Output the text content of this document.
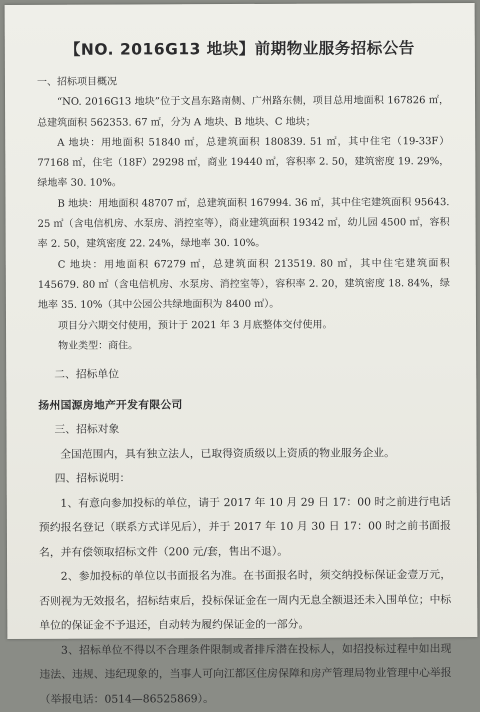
【NO. 2016G13 地块】前期物业服务招标公告

一、招标项目概况

“NO. 2016G13 地块”位于文昌东路南侧、广州路东侧，项目总用地面积 167826 ㎡，总建筑面积 562353. 67 ㎡，分为 A 地块、B 地块、C 地块；

A 地块：用地面积 51840 ㎡，总建筑面积 180839. 51 ㎡，其中住宅（19-33F）77168 ㎡，住宅（18F）29298 ㎡，商业 19440 ㎡，容积率 2. 50，建筑密度 19. 29%，绿地率 30. 10%。

B 地块：用地面积 48707 ㎡，总建筑面积 167994. 36 ㎡，其中住宅建筑面积 95643. 25 ㎡（含电信机房、水泵房、消控室等），商业建筑面积 19342 ㎡，幼儿园 4500 ㎡，容积率 2. 50，建筑密度 22. 24%，绿地率 30. 10%。

C 地块：用地面积 67279 ㎡，总建筑面积 213519. 80 ㎡，其中住宅建筑面积 145679. 80 ㎡（含电信机房、水泵房、消控室等），容积率 2. 20，建筑密度 18. 84%，绿地率 35. 10%（其中公园公共绿地面积为 8400 ㎡）。

项目分六期交付使用，预计于 2021 年 3 月底整体交付使用。

物业类型：商住。

二、招标单位

扬州国源房地产开发有限公司

三、招标对象

全国范围内，具有独立法人，已取得资质级以上资质的物业服务企业。

四、招标说明：

1、有意向参加投标的单位，请于 2017 年 10 月 29 日 17：00 时之前进行电话预约报名登记（联系方式详见后），并于 2017 年 10 月 30 日 17：00 时之前书面报名，并有偿领取招标文件（200 元/套，售出不退）。

2、参加投标的单位以书面报名为准。在书面报名时，须交纳投标保证金壹万元，否则视为无效报名，招标结束后，投标保证金在一周内无息全额退还未入围单位；中标单位的保证金不予退还，自动转为履约保证金的一部分。

3、招标单位不得以不合理条件限制或者排斥潜在投标人，如招投标过程中如出现违法、违规、违纪现象的，当事人可向江都区住房保障和房产管理局物业管理中心举报（举报电话：0514—86525869）。
